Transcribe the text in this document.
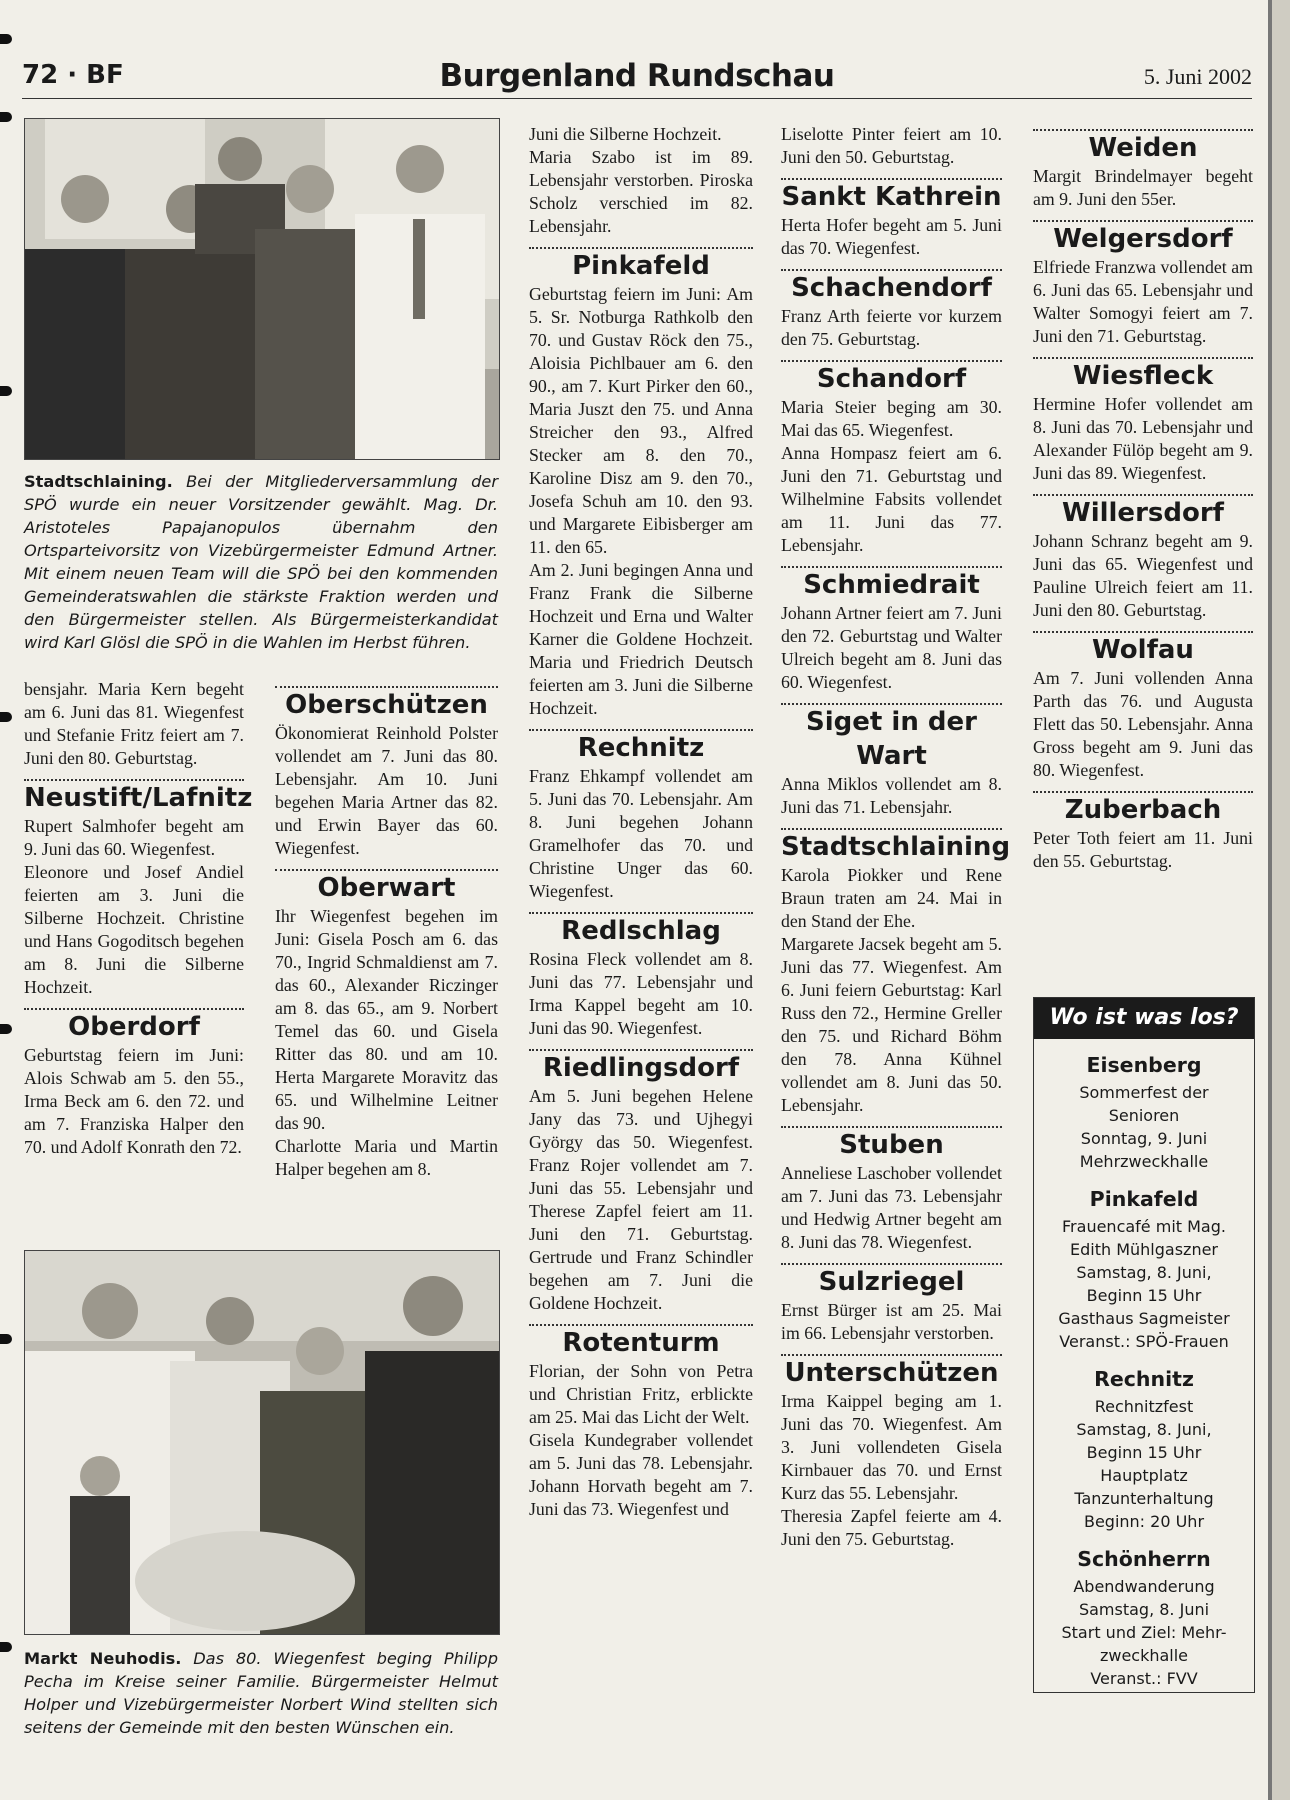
72 · BF	Burgenland Rundschau	5. Juni 2002
Stadtschlaining. Bei der Mitgliederversammlung der SPÖ wurde ein neuer Vorsitzender gewählt. Mag. Dr. Aristoteles Papajanopulos übernahm den Ortsparteivorsitz von Vizebürgermeister Edmund Artner. Mit einem neuen Team will die SPÖ bei den kommenden Gemeinderatswahlen die stärkste Fraktion werden und den Bürgermeister stellen. Als Bürgermeisterkandidat wird Karl Glösl die SPÖ in die Wahlen im Herbst führen.
Markt Neuhodis. Das 80. Wiegenfest beging Philipp Pecha im Kreise seiner Familie. Bürgermeister Helmut Holper und Vizebürgermeister Norbert Wind stellten sich seitens der Gemeinde mit den besten Wünschen ein.

bensjahr. Maria Kern begeht am 6. Juni das 81. Wiegenfest und Stefanie Fritz feiert am 7. Juni den 80. Geburtstag.

Neustift/Lafnitz

Rupert Salmhofer begeht am 9. Juni das 60. Wiegenfest.

Eleonore und Josef Andiel feierten am 3. Juni die Silberne Hochzeit. Christine und Hans Gogoditsch begehen am 8. Juni die Silberne Hochzeit.

Oberdorf

Geburtstag feiern im Juni: Alois Schwab am 5. den 55., Irma Beck am 6. den 72. und am 7. Franziska Halper den 70. und Adolf Konrath den 72.

Oberschützen

Ökonomierat Reinhold Polster vollendet am 7. Juni das 80. Lebensjahr. Am 10. Juni begehen Maria Artner das 82. und Erwin Bayer das 60. Wiegenfest.

Oberwart

Ihr Wiegenfest begehen im Juni: Gisela Posch am 6. das 70., Ingrid Schmaldienst am 7. das 60., Alexander Riczinger am 8. das 65., am 9. Norbert Temel das 60. und Gisela Ritter das 80. und am 10. Herta Margarete Moravitz das 65. und Wilhelmine Leitner das 90.

Charlotte Maria und Martin Halper begehen am 8.

Juni die Silberne Hochzeit.

Maria Szabo ist im 89. Lebensjahr verstorben. Piroska Scholz verschied im 82. Lebensjahr.

Pinkafeld

Geburtstag feiern im Juni: Am 5. Sr. Notburga Rathkolb den 70. und Gustav Röck den 75., Aloisia Pichlbauer am 6. den 90., am 7. Kurt Pirker den 60., Maria Juszt den 75. und Anna Streicher den 93., Alfred Stecker am 8. den 70., Karoline Disz am 9. den 70., Josefa Schuh am 10. den 93. und Margarete Eibisberger am 11. den 65.

Am 2. Juni begingen Anna und Franz Frank die Silberne Hochzeit und Erna und Walter Karner die Goldene Hochzeit. Maria und Friedrich Deutsch feierten am 3. Juni die Silberne Hochzeit.

Rechnitz

Franz Ehkampf vollendet am 5. Juni das 70. Lebensjahr. Am 8. Juni begehen Johann Gramelhofer das 70. und Christine Unger das 60. Wiegenfest.

Redlschlag

Rosina Fleck vollendet am 8. Juni das 77. Lebensjahr und Irma Kappel begeht am 10. Juni das 90. Wiegenfest.

Riedlingsdorf

Am 5. Juni begehen Helene Jany das 73. und Ujhegyi György das 50. Wiegenfest. Franz Rojer vollendet am 7. Juni das 55. Lebensjahr und Therese Zapfel feiert am 11. Juni den 71. Geburtstag. Gertrude und Franz Schindler begehen am 7. Juni die Goldene Hochzeit.

Rotenturm

Florian, der Sohn von Petra und Christian Fritz, erblickte am 25. Mai das Licht der Welt.

Gisela Kundegraber vollendet am 5. Juni das 78. Lebensjahr. Johann Horvath begeht am 7. Juni das 73. Wiegenfest und

Liselotte Pinter feiert am 10. Juni den 50. Geburtstag.

Sankt Kathrein

Herta Hofer begeht am 5. Juni das 70. Wiegenfest.

Schachendorf

Franz Arth feierte vor kurzem den 75. Geburtstag.

Schandorf

Maria Steier beging am 30. Mai das 65. Wiegenfest.

Anna Hompasz feiert am 6. Juni den 71. Geburtstag und Wilhelmine Fabsits vollendet am 11. Juni das 77. Lebensjahr.

Schmiedrait

Johann Artner feiert am 7. Juni den 72. Geburtstag und Walter Ulreich begeht am 8. Juni das 60. Wiegenfest.

Siget in der Wart

Anna Miklos vollendet am 8. Juni das 71. Lebensjahr.

Stadtschlaining

Karola Piokker und Rene Braun traten am 24. Mai in den Stand der Ehe.

Margarete Jacsek begeht am 5. Juni das 77. Wiegenfest. Am 6. Juni feiern Geburtstag: Karl Russ den 72., Hermine Greller den 75. und Richard Böhm den 78. Anna Kühnel vollendet am 8. Juni das 50. Lebensjahr.

Stuben

Anneliese Laschober vollendet am 7. Juni das 73. Lebensjahr und Hedwig Artner begeht am 8. Juni das 78. Wiegenfest.

Sulzriegel

Ernst Bürger ist am 25. Mai im 66. Lebensjahr verstorben.

Unterschützen

Irma Kaippel beging am 1. Juni das 70. Wiegenfest. Am 3. Juni vollendeten Gisela Kirnbauer das 70. und Ernst Kurz das 55. Lebensjahr.

Theresia Zapfel feierte am 4. Juni den 75. Geburtstag.

Weiden

Margit Brindelmayer begeht am 9. Juni den 55er.

Welgersdorf

Elfriede Franzwa vollendet am 6. Juni das 65. Lebensjahr und Walter Somogyi feiert am 7. Juni den 71. Geburtstag.

Wiesfleck

Hermine Hofer vollendet am 8. Juni das 70. Lebensjahr und Alexander Fülöp begeht am 9. Juni das 89. Wiegenfest.

Willersdorf

Johann Schranz begeht am 9. Juni das 65. Wiegenfest und Pauline Ulreich feiert am 11. Juni den 80. Geburtstag.

Wolfau

Am 7. Juni vollenden Anna Parth das 76. und Augusta Flett das 50. Lebensjahr. Anna Gross begeht am 9. Juni das 80. Wiegenfest.

Zuberbach

Peter Toth feiert am 11. Juni den 55. Geburtstag.

Wo ist was los?
Eisenberg
Sommerfest der
Senioren
Sonntag, 9. Juni
Mehrzweckhalle
Pinkafeld
Frauencafé mit Mag.
Edith Mühlgaszner
Samstag, 8. Juni,
Beginn 15 Uhr
Gasthaus Sagmeister
Veranst.: SPÖ-Frauen
Rechnitz
Rechnitzfest
Samstag, 8. Juni,
Beginn 15 Uhr
Hauptplatz
Tanzunterhaltung
Beginn: 20 Uhr
Schönherrn
Abendwanderung
Samstag, 8. Juni
Start und Ziel: Mehr-
zweckhalle
Veranst.: FVV
